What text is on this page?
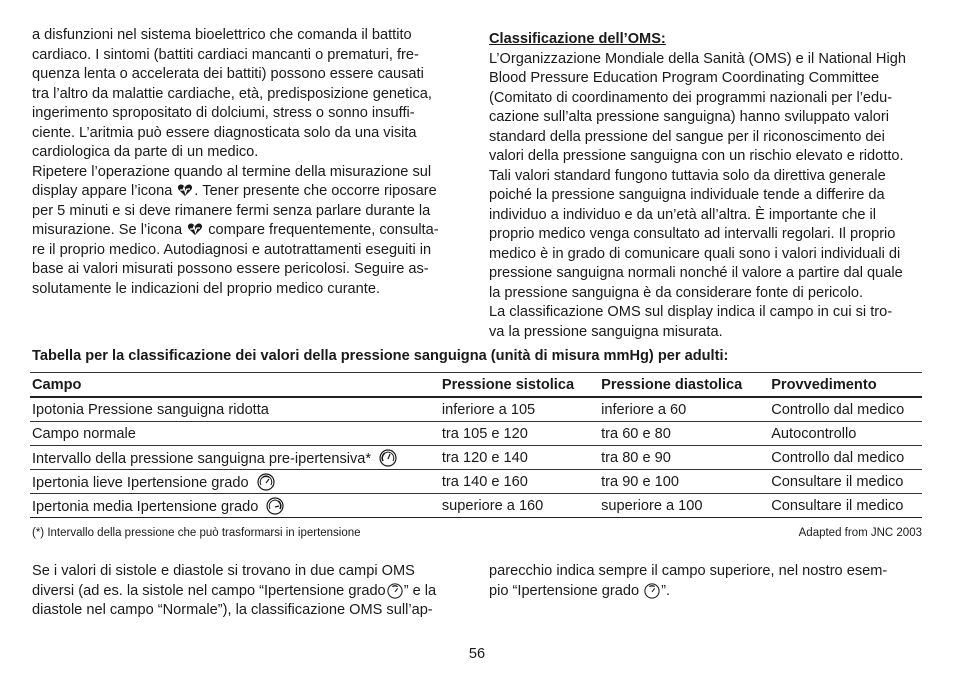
a disfunzioni nel sistema bioelettrico che comanda il battito
cardiaco. I sintomi (battiti cardiaci mancanti o prematuri, fre-
quenza lenta o accelerata dei battiti) possono essere causati
tra l’altro da malattie cardiache, età, predisposizione genetica,
ingerimento spropositato di dolciumi, stress o sonno insuffi-
ciente. L’aritmia può essere diagnosticata solo da una visita
cardiologica da parte di un medico.
Ripetere l’operazione quando al termine della misurazione sul
display appare l’icona . Tener presente che occorre riposare
per 5 minuti e si deve rimanere fermi senza parlare durante la
misurazione. Se l’icona compare frequentemente, consulta-
re il proprio medico. Autodiagnosi e autotrattamenti eseguiti in
base ai valori misurati possono essere pericolosi. Seguire as-
solutamente le indicazioni del proprio medico curante.
Classificazione dell’OMS:
L’Organizzazione Mondiale della Sanità (OMS) e il National High
Blood Pressure Education Program Coordinating Committee
(Comitato di coordinamento dei programmi nazionali per l’edu-
cazione sull’alta pressione sanguigna) hanno sviluppato valori
standard della pressione del sangue per il riconoscimento dei
valori della pressione sanguigna con un rischio elevato e ridotto.
Tali valori standard fungono tuttavia solo da direttiva generale
poiché la pressione sanguigna individuale tende a differire da
individuo a individuo e da un’età all’altra. È importante che il
proprio medico venga consultato ad intervalli regolari. Il proprio
medico è in grado di comunicare quali sono i valori individuali di
pressione sanguigna normali nonché il valore a partire dal quale
la pressione sanguigna è da considerare fonte di pericolo.
La classificazione OMS sul display indica il campo in cui si tro-
va la pressione sanguigna misurata.
Tabella per la classificazione dei valori della pressione sanguigna (unità di misura mmHg) per adulti:
Campo	Pressione sistolica	Pressione diastolica	Provvedimento
Ipotonia Pressione sanguigna ridotta	inferiore a 105	inferiore a 60	Controllo dal medico
Campo normale	tra 105 e 120	tra 60 e 80	Autocontrollo
Intervallo della pressione sanguigna pre-ipertensiva*	tra 120 e 140	tra 80 e 90	Controllo dal medico
Ipertonia lieve Ipertensione grado	tra 140 e 160	tra 90 e 100	Consultare il medico
Ipertonia media Ipertensione grado	superiore a 160	superiore a 100	Consultare il medico
(*) Intervallo della pressione che può trasformarsi in ipertensione	Adapted from JNC 2003
Se i valori di sistole e diastole si trovano in due campi OMS
diversi (ad es. la sistole nel campo “Ipertensione grado ” e la
diastole nel campo “Normale”), la classificazione OMS sull’ap-
parecchio indica sempre il campo superiore, nel nostro esem-
pio “Ipertensione grado ”.
56
